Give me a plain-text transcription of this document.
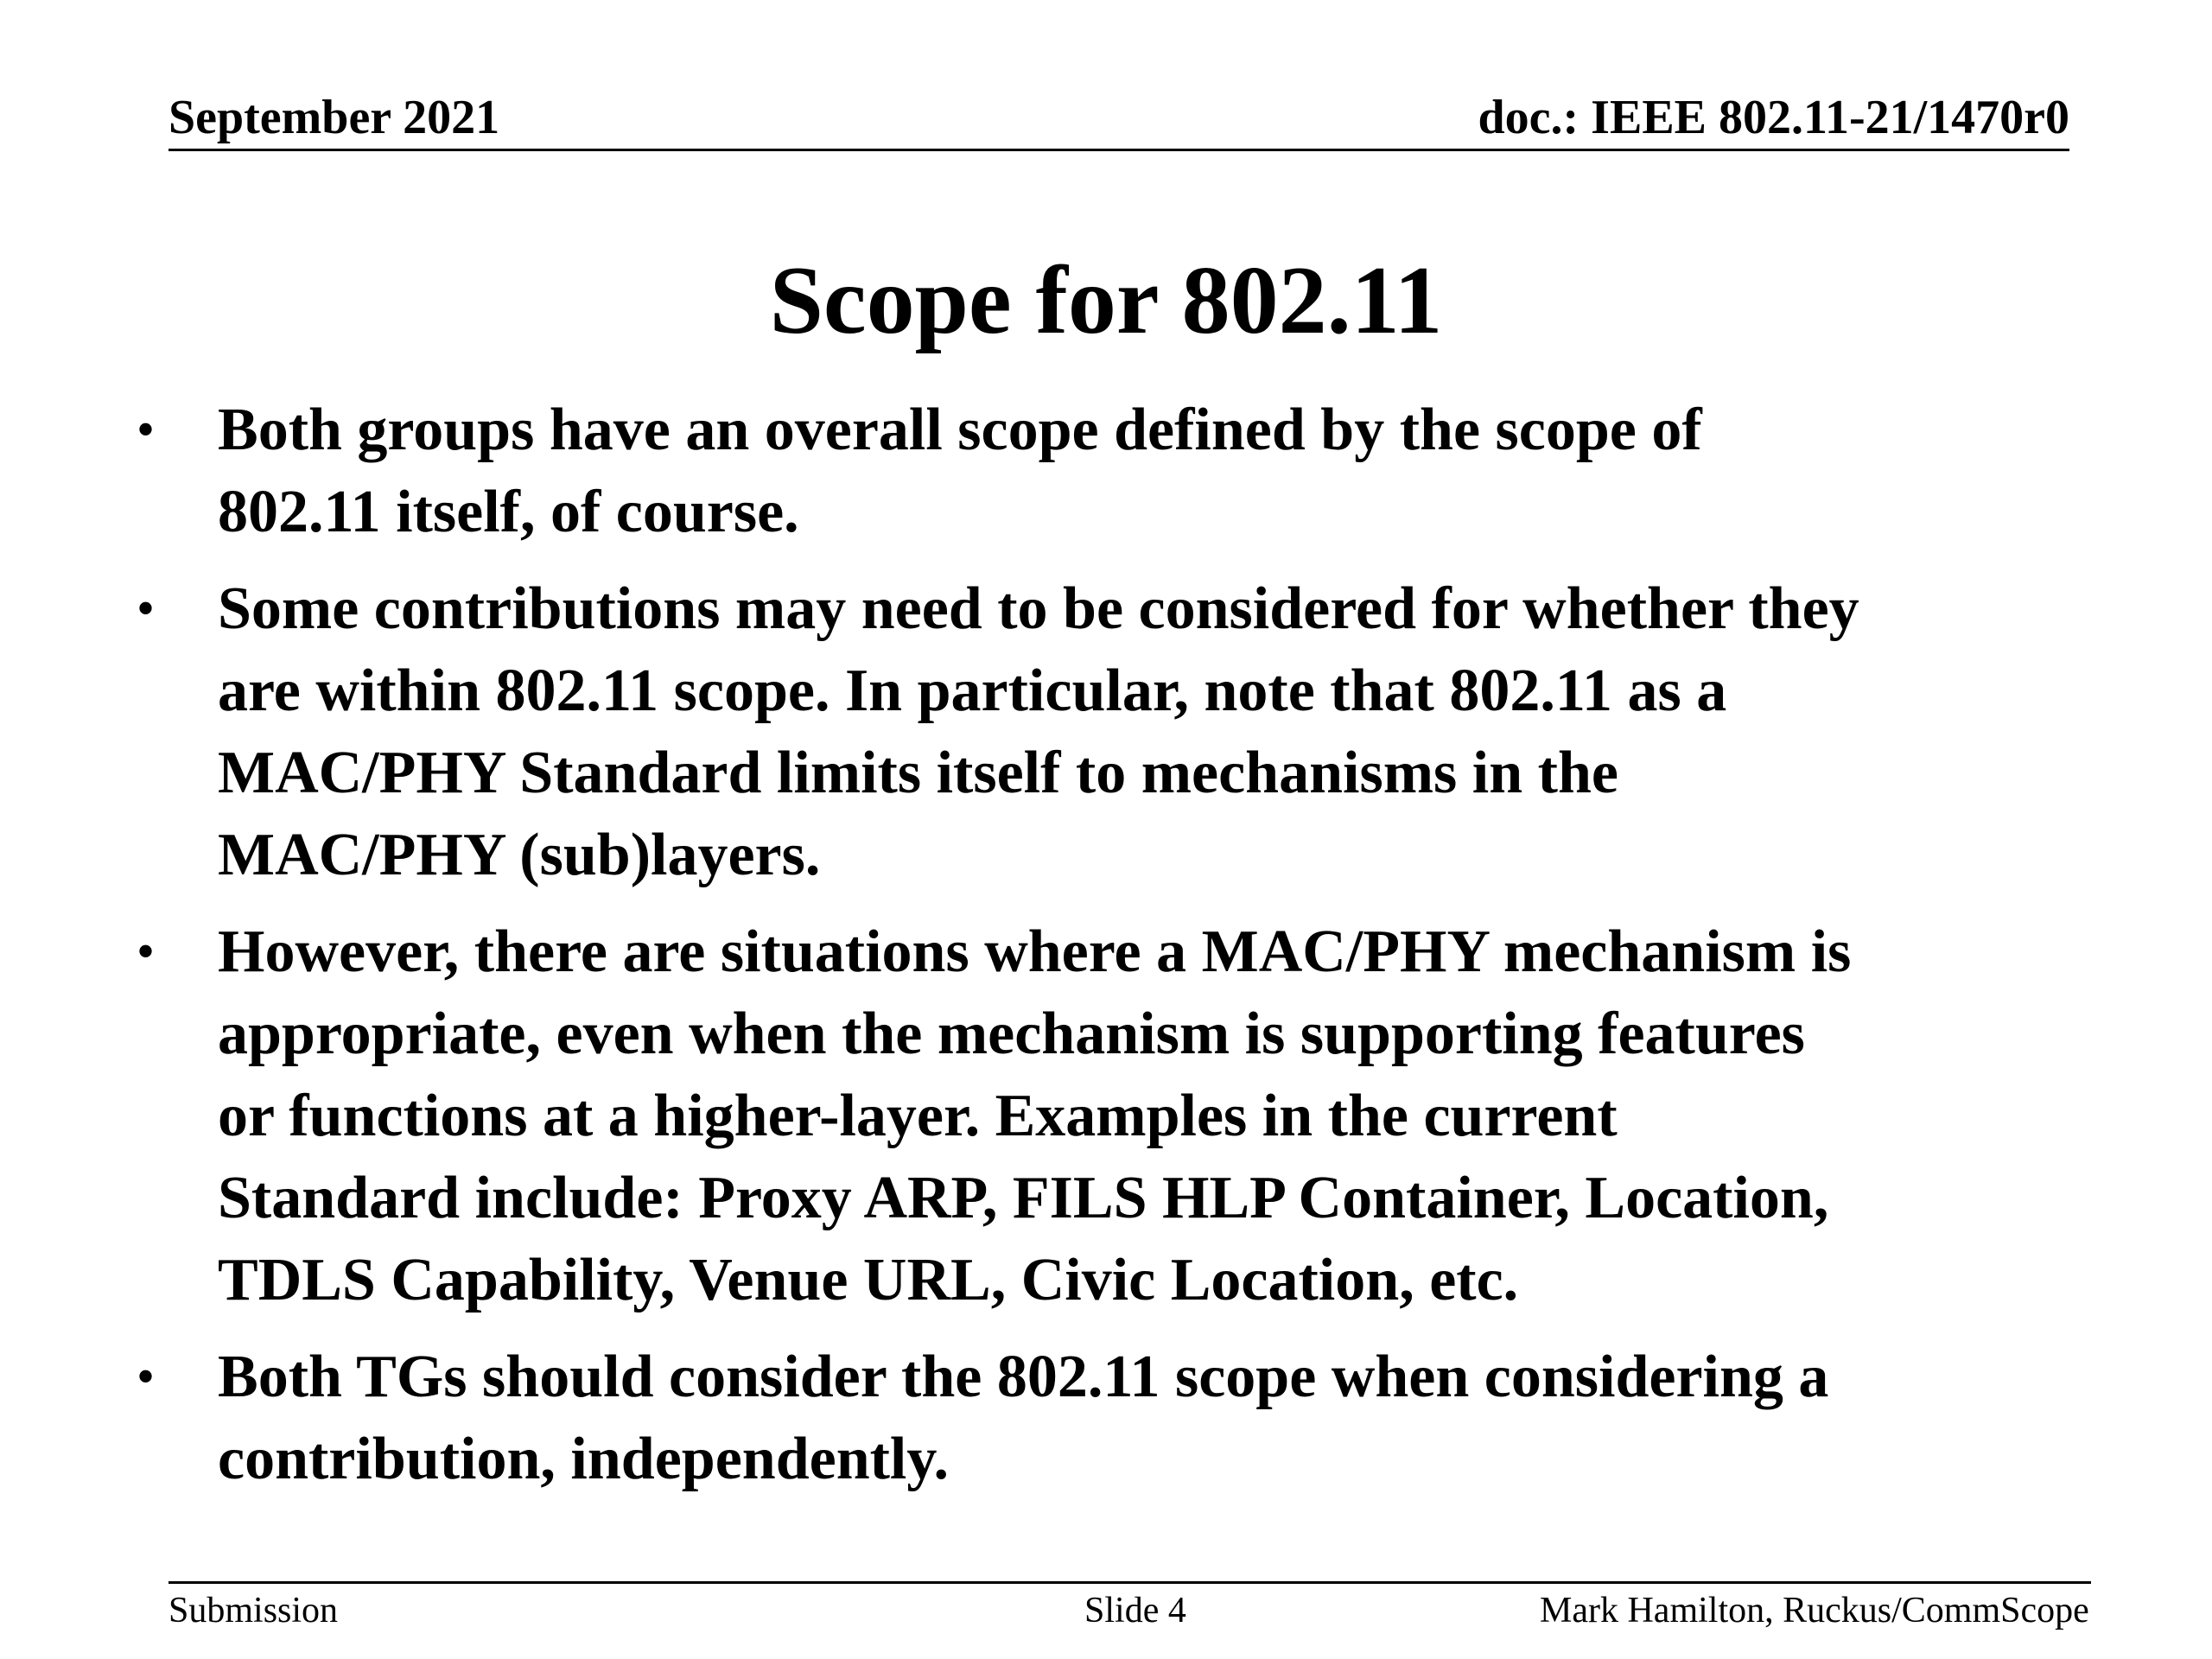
September 2021	doc.: IEEE 802.11-21/1470r0
Scope for 802.11
• Both groups have an overall scope defined by the scope of
802.11 itself, of course.
• Some contributions may need to be considered for whether they
are within 802.11 scope. In particular, note that 802.11 as a
MAC/PHY Standard limits itself to mechanisms in the
MAC/PHY (sub)layers.
• However, there are situations where a MAC/PHY mechanism is
appropriate, even when the mechanism is supporting features
or functions at a higher-layer. Examples in the current
Standard include: Proxy ARP, FILS HLP Container, Location,
TDLS Capability, Venue URL, Civic Location, etc.
• Both TGs should consider the 802.11 scope when considering a
contribution, independently.
Submission	Slide 4	Mark Hamilton, Ruckus/CommScope
